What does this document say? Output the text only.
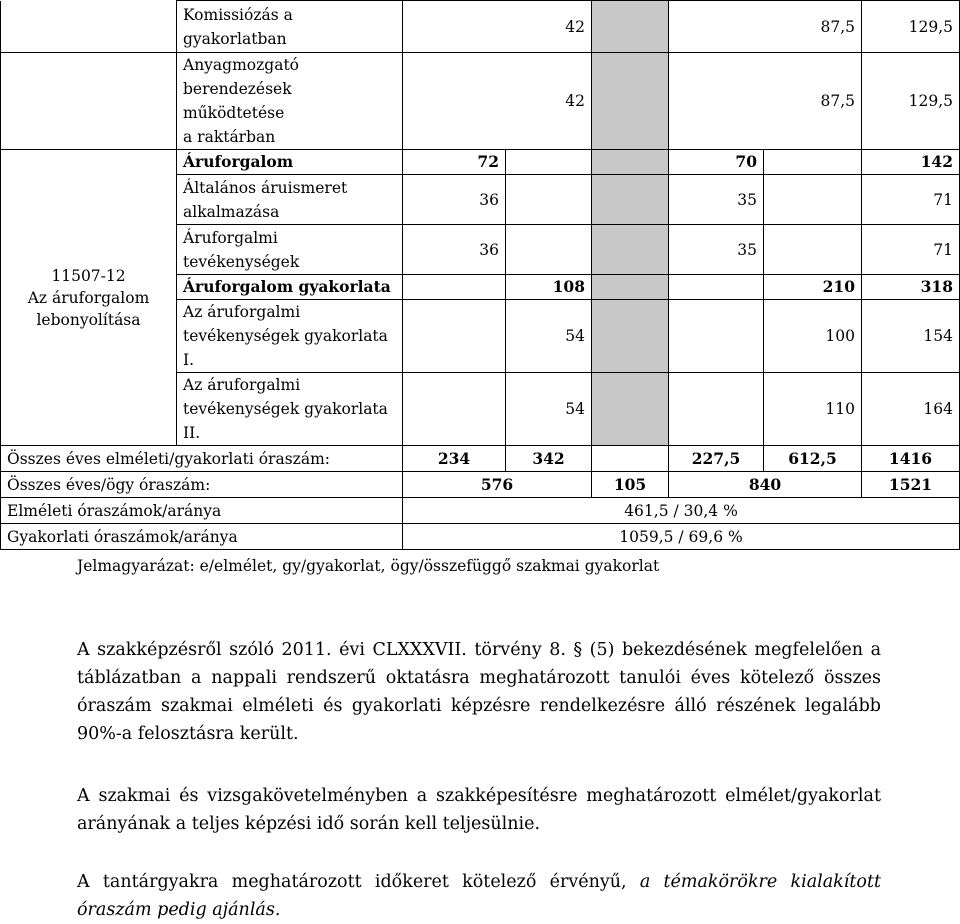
	Komissiózás a
gyakorlatban	42			87,5		129,5
	Anyagmozgató
berendezések működtetése
a raktárban	42			87,5		129,5
11507-12
Az áruforgalom
lebonyolítása	Áruforgalom	72			70		142
	Általános áruismeret
alkalmazása	36			35		71
	Áruforgalmi
tevékenységek	36			35		71
	Áruforgalom gyakorlata		108			210	318
	Az áruforgalmi
tevékenységek gyakorlata
I.		54			100	154
	Az áruforgalmi
tevékenységek gyakorlata
II.		54			110	164
Összes éves elméleti/gyakorlati óraszám:		234	342		227,5	612,5	1416
Összes éves/ögy óraszám:		576		105	840		1521
Elméleti óraszámok/aránya		461,5 / 30,4 %					
Gyakorlati óraszámok/aránya		1059,5 / 69,6 %					
Jelmagyarázat: e/elmélet, gy/gyakorlat, ögy/összefüggő szakmai gyakorlat

A szakképzésről szóló 2011. évi CLXXXVII. törvény 8. § (5) bekezdésének megfelelően a táblázatban a nappali rendszerű oktatásra meghatározott tanulói éves kötelező összes óraszám szakmai elméleti és gyakorlati képzésre rendelkezésre álló részének legalább 90%-a felosztásra került.

A szakmai és vizsgakövetelményben a szakképesítésre meghatározott elmélet/gyakorlat arányának a teljes képzési idő során kell teljesülnie.

A tantárgyakra meghatározott időkeret kötelező érvényű, a témakörökre kialakított óraszám pedig ajánlás.
